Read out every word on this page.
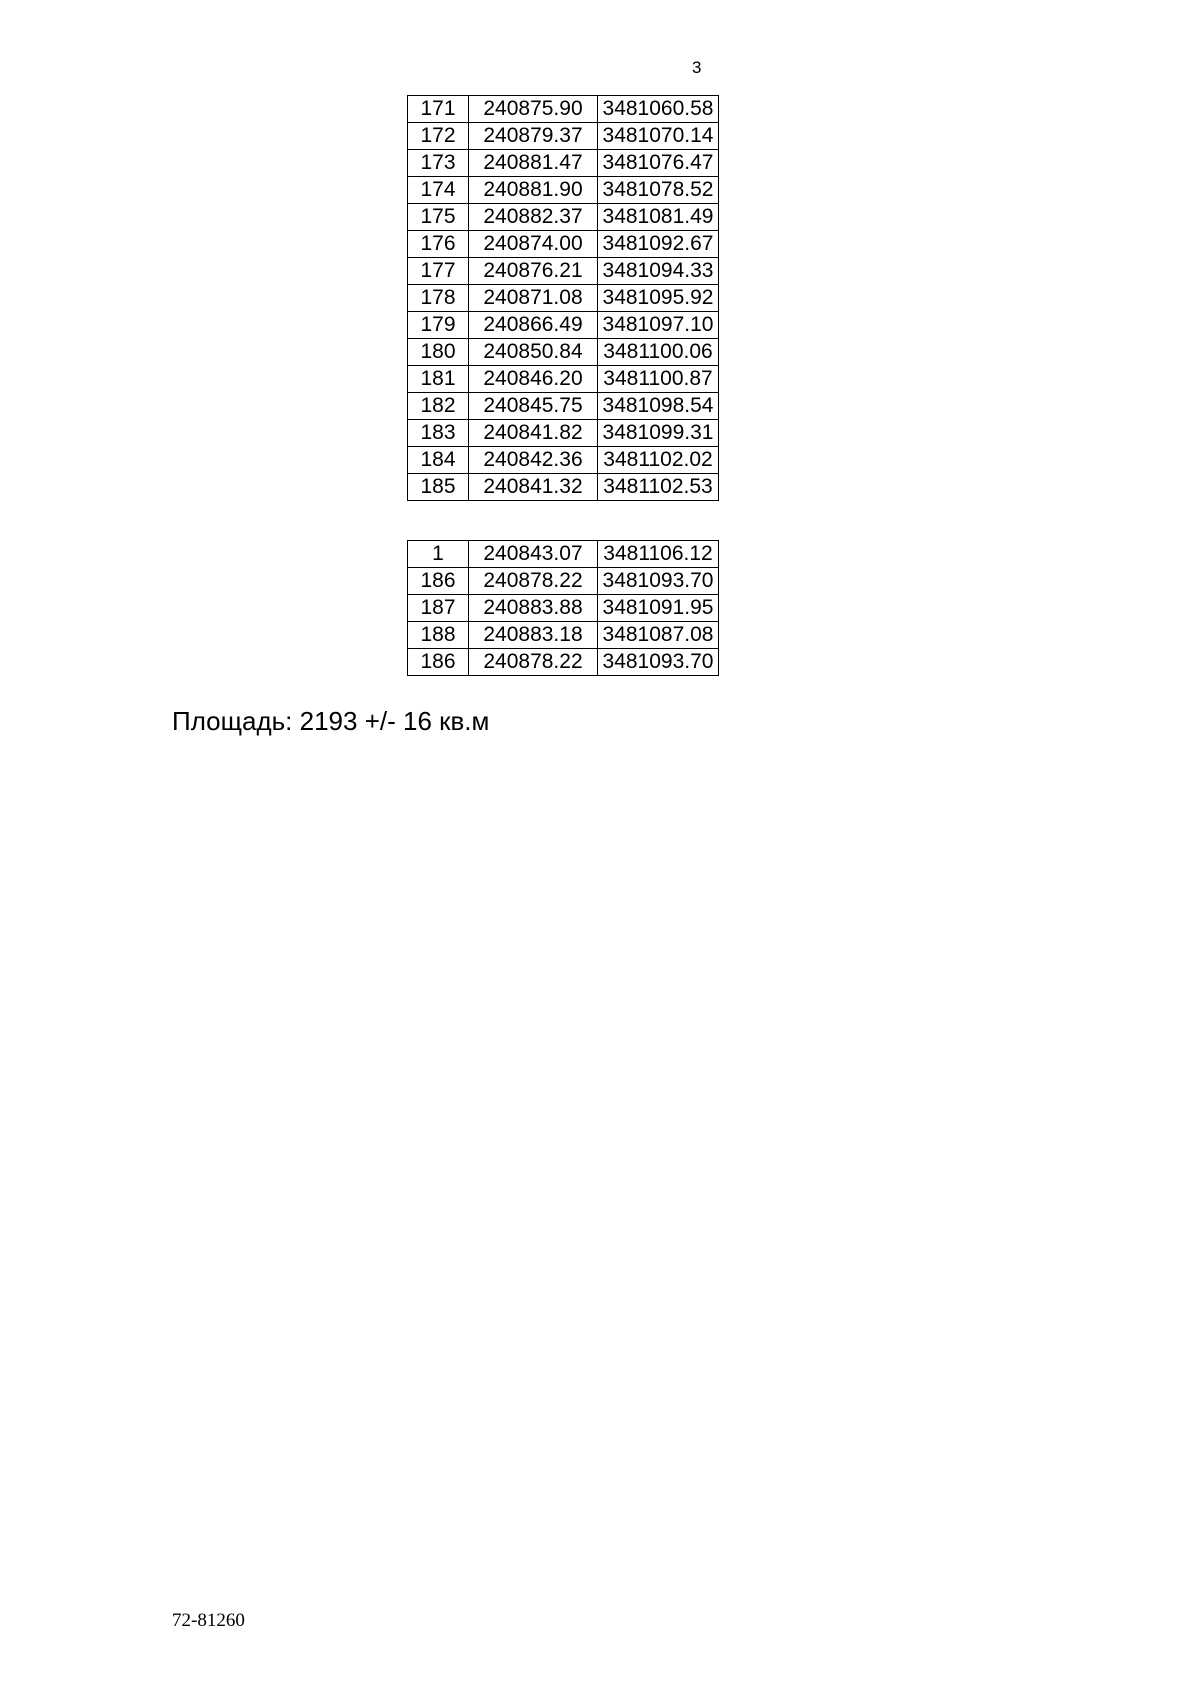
3
171	240875.90	3481060.58
172	240879.37	3481070.14
173	240881.47	3481076.47
174	240881.90	3481078.52
175	240882.37	3481081.49
176	240874.00	3481092.67
177	240876.21	3481094.33
178	240871.08	3481095.92
179	240866.49	3481097.10
180	240850.84	3481100.06
181	240846.20	3481100.87
182	240845.75	3481098.54
183	240841.82	3481099.31
184	240842.36	3481102.02
185	240841.32	3481102.53
1	240843.07	3481106.12
186	240878.22	3481093.70
187	240883.88	3481091.95
188	240883.18	3481087.08
186	240878.22	3481093.70
Площадь: 2193 +/- 16 кв.м
72-81260
